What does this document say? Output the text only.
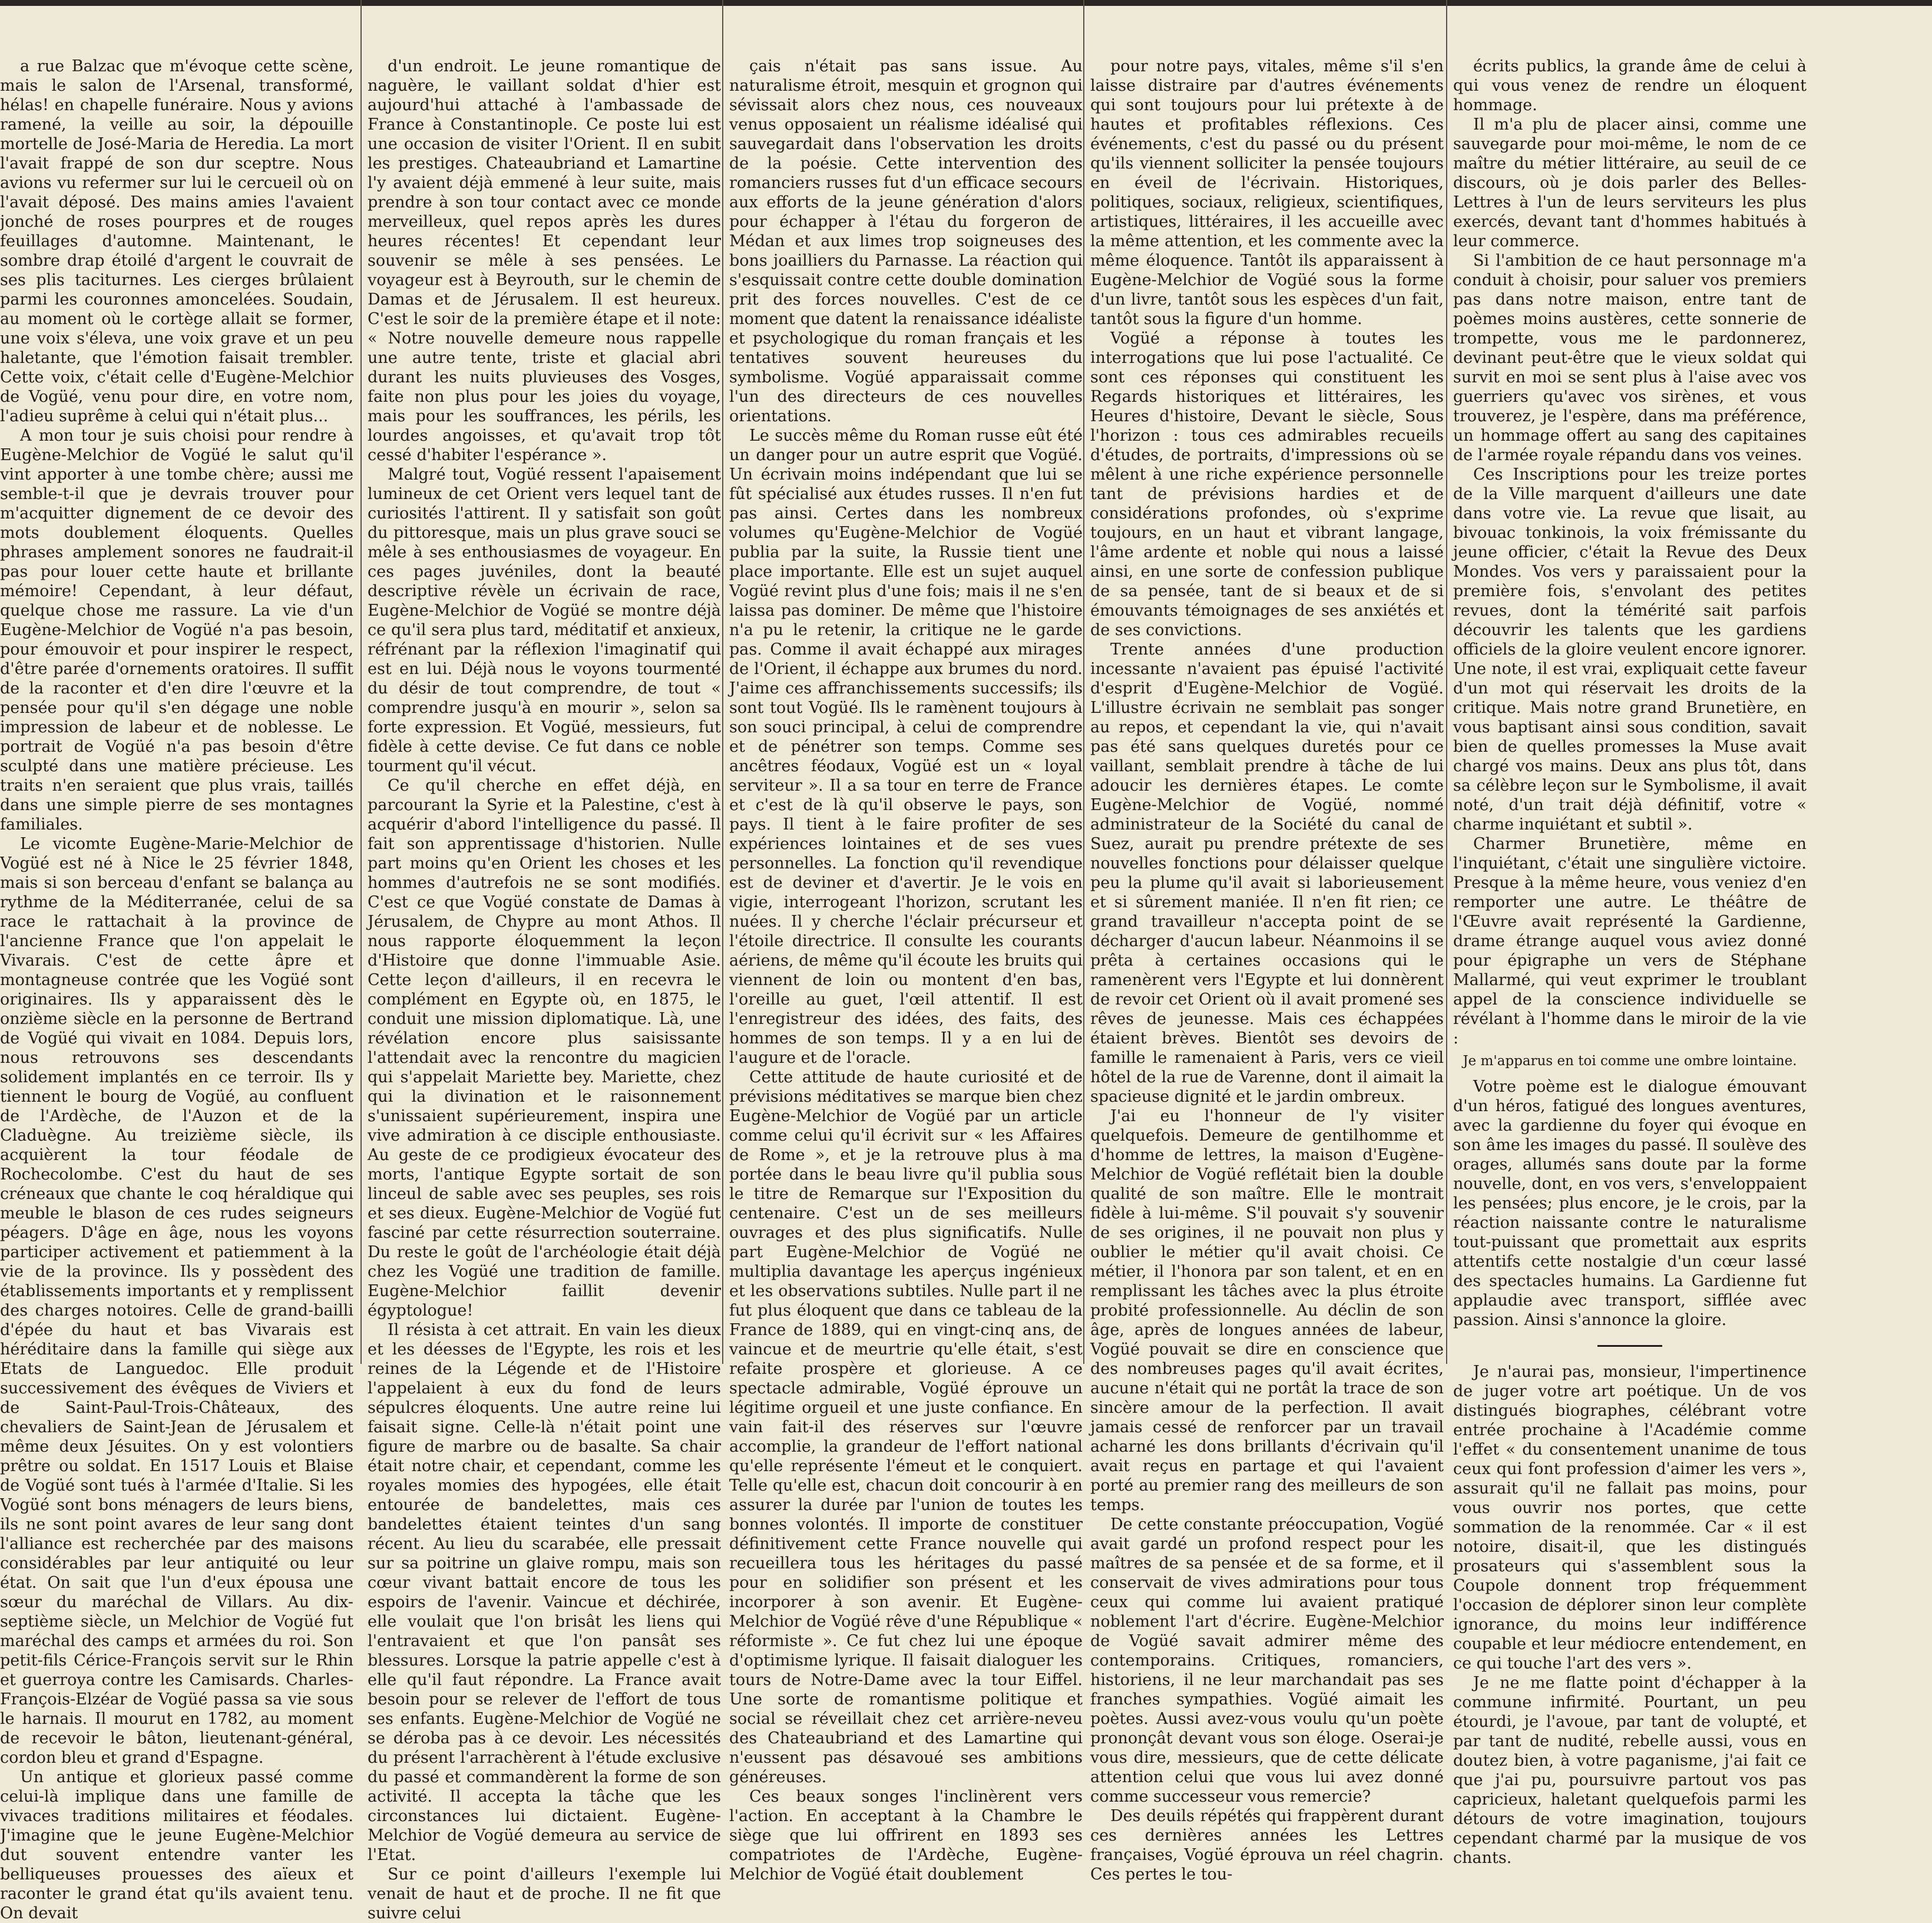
a rue Balzac que m'évoque cette scène, mais le salon de l'Arsenal, transformé, hélas! en chapelle funéraire. Nous y avions ramené, la veille au soir, la dépouille mortelle de José-Maria de Heredia. La mort l'avait frappé de son dur sceptre. Nous avions vu refermer sur lui le cercueil où on l'avait déposé. Des mains amies l'avaient jonché de roses pourpres et de rouges feuillages d'automne. Maintenant, le sombre drap étoilé d'argent le couvrait de ses plis taciturnes. Les cierges brûlaient parmi les couronnes amoncelées. Soudain, au moment où le cortège allait se former, une voix s'éleva, une voix grave et un peu haletante, que l'émotion faisait trembler. Cette voix, c'était celle d'Eugène-Melchior de Vogüé, venu pour dire, en votre nom, l'adieu suprême à celui qui n'était plus...

A mon tour je suis choisi pour rendre à Eugène-Melchior de Vogüé le salut qu'il vint apporter à une tombe chère; aussi me semble-t-il que je devrais trouver pour m'acquitter dignement de ce devoir des mots doublement éloquents. Quelles phrases amplement sonores ne faudrait-il pas pour louer cette haute et brillante mémoire! Cependant, à leur défaut, quelque chose me rassure. La vie d'un Eugène-Melchior de Vogüé n'a pas besoin, pour émouvoir et pour inspirer le respect, d'être parée d'ornements oratoires. Il suffit de la raconter et d'en dire l'œuvre et la pensée pour qu'il s'en dégage une noble impression de labeur et de noblesse. Le portrait de Vogüé n'a pas besoin d'être sculpté dans une matière précieuse. Les traits n'en seraient que plus vrais, taillés dans une simple pierre de ses montagnes familiales.

Le vicomte Eugène-Marie-Melchior de Vogüé est né à Nice le 25 février 1848, mais si son berceau d'enfant se balança au rythme de la Méditerranée, celui de sa race le rattachait à la province de l'ancienne France que l'on appelait le Vivarais. C'est de cette âpre et montagneuse contrée que les Vogüé sont originaires. Ils y apparaissent dès le onzième siècle en la personne de Bertrand de Vogüé qui vivait en 1084. Depuis lors, nous retrouvons ses descendants solidement implantés en ce terroir. Ils y tiennent le bourg de Vogüé, au confluent de l'Ardèche, de l'Auzon et de la Claduègne. Au treizième siècle, ils acquièrent la tour féodale de Rochecolombe. C'est du haut de ses créneaux que chante le coq héraldique qui meuble le blason de ces rudes seigneurs péagers. D'âge en âge, nous les voyons participer activement et patiemment à la vie de la province. Ils y possèdent des établissements importants et y remplissent des charges notoires. Celle de grand-bailli d'épée du haut et bas Vivarais est héréditaire dans la famille qui siège aux Etats de Languedoc. Elle produit successivement des évêques de Viviers et de Saint-Paul-Trois-Châteaux, des chevaliers de Saint-Jean de Jérusalem et même deux Jésuites. On y est volontiers prêtre ou soldat. En 1517 Louis et Blaise de Vogüé sont tués à l'armée d'Italie. Si les Vogüé sont bons ménagers de leurs biens, ils ne sont point avares de leur sang dont l'alliance est recherchée par des maisons considérables par leur antiquité ou leur état. On sait que l'un d'eux épousa une sœur du maréchal de Villars. Au dix-septième siècle, un Melchior de Vogüé fut maréchal des camps et armées du roi. Son petit-fils Cérice-François servit sur le Rhin et guerroya contre les Camisards. Charles-François-Elzéar de Vogüé passa sa vie sous le harnais. Il mourut en 1782, au moment de recevoir le bâton, lieutenant-général, cordon bleu et grand d'Espagne.

Un antique et glorieux passé comme celui-là implique dans une famille de vivaces traditions militaires et féodales. J'imagine que le jeune Eugène-Melchior dut souvent entendre vanter les belliqueuses prouesses des aïeux et raconter le grand état qu'ils avaient tenu. On devait

d'un endroit. Le jeune romantique de naguère, le vaillant soldat d'hier est aujourd'hui attaché à l'ambassade de France à Constantinople. Ce poste lui est une occasion de visiter l'Orient. Il en subit les prestiges. Chateaubriand et Lamartine l'y avaient déjà emmené à leur suite, mais prendre à son tour contact avec ce monde merveilleux, quel repos après les dures heures récentes! Et cependant leur souvenir se mêle à ses pensées. Le voyageur est à Beyrouth, sur le chemin de Damas et de Jérusalem. Il est heureux. C'est le soir de la première étape et il note: « Notre nouvelle demeure nous rappelle une autre tente, triste et glacial abri durant les nuits pluvieuses des Vosges, faite non plus pour les joies du voyage, mais pour les souffrances, les périls, les lourdes angoisses, et qu'avait trop tôt cessé d'habiter l'espérance ».

Malgré tout, Vogüé ressent l'apaisement lumineux de cet Orient vers lequel tant de curiosités l'attirent. Il y satisfait son goût du pittoresque, mais un plus grave souci se mêle à ses enthousiasmes de voyageur. En ces pages juvéniles, dont la beauté descriptive révèle un écrivain de race, Eugène-Melchior de Vogüé se montre déjà ce qu'il sera plus tard, méditatif et anxieux, réfrénant par la réflexion l'imaginatif qui est en lui. Déjà nous le voyons tourmenté du désir de tout comprendre, de tout « comprendre jusqu'à en mourir », selon sa forte expression. Et Vogüé, messieurs, fut fidèle à cette devise. Ce fut dans ce noble tourment qu'il vécut.

Ce qu'il cherche en effet déjà, en parcourant la Syrie et la Palestine, c'est à acquérir d'abord l'intelligence du passé. Il fait son apprentissage d'historien. Nulle part moins qu'en Orient les choses et les hommes d'autrefois ne se sont modifiés. C'est ce que Vogüé constate de Damas à Jérusalem, de Chypre au mont Athos. Il nous rapporte éloquemment la leçon d'Histoire que donne l'immuable Asie. Cette leçon d'ailleurs, il en recevra le complément en Egypte où, en 1875, le conduit une mission diplomatique. Là, une révélation encore plus saisissante l'attendait avec la rencontre du magicien qui s'appelait Mariette bey. Mariette, chez qui la divination et le raisonnement s'unissaient supérieurement, inspira une vive admiration à ce disciple enthousiaste. Au geste de ce prodigieux évocateur des morts, l'antique Egypte sortait de son linceul de sable avec ses peuples, ses rois et ses dieux. Eugène-Melchior de Vogüé fut fasciné par cette résurrection souterraine. Du reste le goût de l'archéologie était déjà chez les Vogüé une tradition de famille. Eugène-Melchior faillit devenir égyptologue!

Il résista à cet attrait. En vain les dieux et les déesses de l'Egypte, les rois et les reines de la Légende et de l'Histoire l'appelaient à eux du fond de leurs sépulcres éloquents. Une autre reine lui faisait signe. Celle-là n'était point une figure de marbre ou de basalte. Sa chair était notre chair, et cependant, comme les royales momies des hypogées, elle était entourée de bandelettes, mais ces bandelettes étaient teintes d'un sang récent. Au lieu du scarabée, elle pressait sur sa poitrine un glaive rompu, mais son cœur vivant battait encore de tous les espoirs de l'avenir. Vaincue et déchirée, elle voulait que l'on brisât les liens qui l'entravaient et que l'on pansât ses blessures. Lorsque la patrie appelle c'est à elle qu'il faut répondre. La France avait besoin pour se relever de l'effort de tous ses enfants. Eugène-Melchior de Vogüé ne se déroba pas à ce devoir. Les nécessités du présent l'arrachèrent à l'étude exclusive du passé et commandèrent la forme de son activité. Il accepta la tâche que les circonstances lui dictaient. Eugène-Melchior de Vogüé demeura au service de l'Etat.

Sur ce point d'ailleurs l'exemple lui venait de haut et de proche. Il ne fit que suivre celui

çais n'était pas sans issue. Au naturalisme étroit, mesquin et grognon qui sévissait alors chez nous, ces nouveaux venus opposaient un réalisme idéalisé qui sauvegardait dans l'observation les droits de la poésie. Cette intervention des romanciers russes fut d'un efficace secours aux efforts de la jeune génération d'alors pour échapper à l'étau du forgeron de Médan et aux limes trop soigneuses des bons joailliers du Parnasse. La réaction qui s'esquissait contre cette double domination prit des forces nouvelles. C'est de ce moment que datent la renaissance idéaliste et psychologique du roman français et les tentatives souvent heureuses du symbolisme. Vogüé apparaissait comme l'un des directeurs de ces nouvelles orientations.

Le succès même du Roman russe eût été un danger pour un autre esprit que Vogüé. Un écrivain moins indépendant que lui se fût spécialisé aux études russes. Il n'en fut pas ainsi. Certes dans les nombreux volumes qu'Eugène-Melchior de Vogüé publia par la suite, la Russie tient une place importante. Elle est un sujet auquel Vogüé revint plus d'une fois; mais il ne s'en laissa pas dominer. De même que l'histoire n'a pu le retenir, la critique ne le garde pas. Comme il avait échappé aux mirages de l'Orient, il échappe aux brumes du nord. J'aime ces affranchissements successifs; ils sont tout Vogüé. Ils le ramènent toujours à son souci principal, à celui de comprendre et de pénétrer son temps. Comme ses ancêtres féodaux, Vogüé est un « loyal serviteur ». Il a sa tour en terre de France et c'est de là qu'il observe le pays, son pays. Il tient à le faire profiter de ses expériences lointaines et de ses vues personnelles. La fonction qu'il revendique est de deviner et d'avertir. Je le vois en vigie, interrogeant l'horizon, scrutant les nuées. Il y cherche l'éclair précurseur et l'étoile directrice. Il consulte les courants aériens, de même qu'il écoute les bruits qui viennent de loin ou montent d'en bas, l'oreille au guet, l'œil attentif. Il est l'enregistreur des idées, des faits, des hommes de son temps. Il y a en lui de l'augure et de l'oracle.

Cette attitude de haute curiosité et de prévisions méditatives se marque bien chez Eugène-Melchior de Vogüé par un article comme celui qu'il écrivit sur « les Affaires de Rome », et je la retrouve plus à ma portée dans le beau livre qu'il publia sous le titre de Remarque sur l'Exposition du centenaire. C'est un de ses meilleurs ouvrages et des plus significatifs. Nulle part Eugène-Melchior de Vogüé ne multiplia davantage les aperçus ingénieux et les observations subtiles. Nulle part il ne fut plus éloquent que dans ce tableau de la France de 1889, qui en vingt-cinq ans, de vaincue et de meurtrie qu'elle était, s'est refaite prospère et glorieuse. A ce spectacle admirable, Vogüé éprouve un légitime orgueil et une juste confiance. En vain fait-il des réserves sur l'œuvre accomplie, la grandeur de l'effort national qu'elle représente l'émeut et le conquiert. Telle qu'elle est, chacun doit concourir à en assurer la durée par l'union de toutes les bonnes volontés. Il importe de constituer définitivement cette France nouvelle qui recueillera tous les héritages du passé pour en solidifier son présent et les incorporer à son avenir. Et Eugène-Melchior de Vogüé rêve d'une République « réformiste ». Ce fut chez lui une époque d'optimisme lyrique. Il faisait dialoguer les tours de Notre-Dame avec la tour Eiffel. Une sorte de romantisme politique et social se réveillait chez cet arrière-neveu des Chateaubriand et des Lamartine qui n'eussent pas désavoué ses ambitions généreuses.

Ces beaux songes l'inclinèrent vers l'action. En acceptant à la Chambre le siège que lui offrirent en 1893 ses compatriotes de l'Ardèche, Eugène-Melchior de Vogüé était doublement

pour notre pays, vitales, même s'il s'en laisse distraire par d'autres événements qui sont toujours pour lui prétexte à de hautes et profitables réflexions. Ces événements, c'est du passé ou du présent qu'ils viennent solliciter la pensée toujours en éveil de l'écrivain. Historiques, politiques, sociaux, religieux, scientifiques, artistiques, littéraires, il les accueille avec la même attention, et les commente avec la même éloquence. Tantôt ils apparaissent à Eugène-Melchior de Vogüé sous la forme d'un livre, tantôt sous les espèces d'un fait, tantôt sous la figure d'un homme.

Vogüé a réponse à toutes les interrogations que lui pose l'actualité. Ce sont ces réponses qui constituent les Regards historiques et littéraires, les Heures d'histoire, Devant le siècle, Sous l'horizon : tous ces admirables recueils d'études, de portraits, d'impressions où se mêlent à une riche expérience personnelle tant de prévisions hardies et de considérations profondes, où s'exprime toujours, en un haut et vibrant langage, l'âme ardente et noble qui nous a laissé ainsi, en une sorte de confession publique de sa pensée, tant de si beaux et de si émouvants témoignages de ses anxiétés et de ses convictions.

Trente années d'une production incessante n'avaient pas épuisé l'activité d'esprit d'Eugène-Melchior de Vogüé. L'illustre écrivain ne semblait pas songer au repos, et cependant la vie, qui n'avait pas été sans quelques duretés pour ce vaillant, semblait prendre à tâche de lui adoucir les dernières étapes. Le comte Eugène-Melchior de Vogüé, nommé administrateur de la Société du canal de Suez, aurait pu prendre prétexte de ses nouvelles fonctions pour délaisser quelque peu la plume qu'il avait si laborieusement et si sûrement maniée. Il n'en fit rien; ce grand travailleur n'accepta point de se décharger d'aucun labeur. Néanmoins il se prêta à certaines occasions qui le ramenèrent vers l'Egypte et lui donnèrent de revoir cet Orient où il avait promené ses rêves de jeunesse. Mais ces échappées étaient brèves. Bientôt ses devoirs de famille le ramenaient à Paris, vers ce vieil hôtel de la rue de Varenne, dont il aimait la spacieuse dignité et le jardin ombreux.

J'ai eu l'honneur de l'y visiter quelquefois. Demeure de gentilhomme et d'homme de lettres, la maison d'Eugène-Melchior de Vogüé reflétait bien la double qualité de son maître. Elle le montrait fidèle à lui-même. S'il pouvait s'y souvenir de ses origines, il ne pouvait non plus y oublier le métier qu'il avait choisi. Ce métier, il l'honora par son talent, et en en remplissant les tâches avec la plus étroite probité professionnelle. Au déclin de son âge, après de longues années de labeur, Vogüé pouvait se dire en conscience que des nombreuses pages qu'il avait écrites, aucune n'était qui ne portât la trace de son sincère amour de la perfection. Il avait jamais cessé de renforcer par un travail acharné les dons brillants d'écrivain qu'il avait reçus en partage et qui l'avaient porté au premier rang des meilleurs de son temps.

De cette constante préoccupation, Vogüé avait gardé un profond respect pour les maîtres de sa pensée et de sa forme, et il conservait de vives admirations pour tous ceux qui comme lui avaient pratiqué noblement l'art d'écrire. Eugène-Melchior de Vogüé savait admirer même des contemporains. Critiques, romanciers, historiens, il ne leur marchandait pas ses franches sympathies. Vogüé aimait les poètes. Aussi avez-vous voulu qu'un poète prononçât devant vous son éloge. Oserai-je vous dire, messieurs, que de cette délicate attention celui que vous lui avez donné comme successeur vous remercie?

Des deuils répétés qui frappèrent durant ces dernières années les Lettres françaises, Vogüé éprouva un réel chagrin. Ces pertes le tou-

écrits publics, la grande âme de celui à qui vous venez de rendre un éloquent hommage.

Il m'a plu de placer ainsi, comme une sauvegarde pour moi-même, le nom de ce maître du métier littéraire, au seuil de ce discours, où je dois parler des Belles-Lettres à l'un de leurs serviteurs les plus exercés, devant tant d'hommes habitués à leur commerce.

Si l'ambition de ce haut personnage m'a conduit à choisir, pour saluer vos premiers pas dans notre maison, entre tant de poèmes moins austères, cette sonnerie de trompette, vous me le pardonnerez, devinant peut-être que le vieux soldat qui survit en moi se sent plus à l'aise avec vos guerriers qu'avec vos sirènes, et vous trouverez, je l'espère, dans ma préférence, un hommage offert au sang des capitaines de l'armée royale répandu dans vos veines.

Ces Inscriptions pour les treize portes de la Ville marquent d'ailleurs une date dans votre vie. La revue que lisait, au bivouac tonkinois, la voix frémissante du jeune officier, c'était la Revue des Deux Mondes. Vos vers y paraissaient pour la première fois, s'envolant des petites revues, dont la témérité sait parfois découvrir les talents que les gardiens officiels de la gloire veulent encore ignorer. Une note, il est vrai, expliquait cette faveur d'un mot qui réservait les droits de la critique. Mais notre grand Brunetière, en vous baptisant ainsi sous condition, savait bien de quelles promesses la Muse avait chargé vos mains. Deux ans plus tôt, dans sa célèbre leçon sur le Symbolisme, il avait noté, d'un trait déjà définitif, votre « charme inquiétant et subtil ».

Charmer Brunetière, même en l'inquiétant, c'était une singulière victoire. Presque à la même heure, vous veniez d'en remporter une autre. Le théâtre de l'Œuvre avait représenté la Gardienne, drame étrange auquel vous aviez donné pour épigraphe un vers de Stéphane Mallarmé, qui veut exprimer le troublant appel de la conscience individuelle se révélant à l'homme dans le miroir de la vie :

Je m'apparus en toi comme une ombre lointaine.

Votre poème est le dialogue émouvant d'un héros, fatigué des longues aventures, avec la gardienne du foyer qui évoque en son âme les images du passé. Il soulève des orages, allumés sans doute par la forme nouvelle, dont, en vos vers, s'enveloppaient les pensées; plus encore, je le crois, par la réaction naissante contre le naturalisme tout-puissant que promettait aux esprits attentifs cette nostalgie d'un cœur lassé des spectacles humains. La Gardienne fut applaudie avec transport, sifflée avec passion. Ainsi s'annonce la gloire.

Je n'aurai pas, monsieur, l'impertinence de juger votre art poétique. Un de vos distingués biographes, célébrant votre entrée prochaine à l'Académie comme l'effet « du consentement unanime de tous ceux qui font profession d'aimer les vers », assurait qu'il ne fallait pas moins, pour vous ouvrir nos portes, que cette sommation de la renommée. Car « il est notoire, disait-il, que les distingués prosateurs qui s'assemblent sous la Coupole donnent trop fréquemment l'occasion de déplorer sinon leur complète ignorance, du moins leur indifférence coupable et leur médiocre entendement, en ce qui touche l'art des vers ».

Je ne me flatte point d'échapper à la commune infirmité. Pourtant, un peu étourdi, je l'avoue, par tant de volupté, et par tant de nudité, rebelle aussi, vous en doutez bien, à votre paganisme, j'ai fait ce que j'ai pu, poursuivre partout vos pas capricieux, haletant quelquefois parmi les détours de votre imagination, toujours cependant charmé par la musique de vos chants.
